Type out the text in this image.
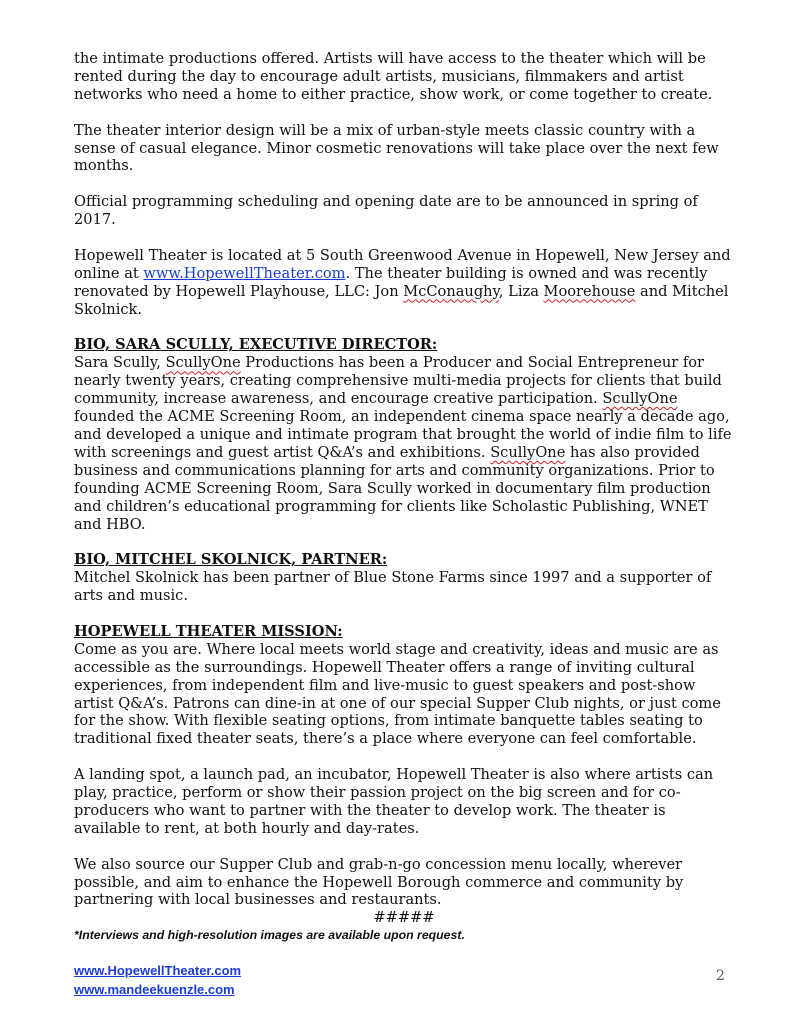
the intimate productions offered. Artists will have access to the theater which will be rented during the day to encourage adult artists, musicians, filmmakers and artist networks who need a home to either practice, show work, or come together to create.

The theater interior design will be a mix of urban-style meets classic country with a sense of casual elegance. Minor cosmetic renovations will take place over the next few months.

Official programming scheduling and opening date are to be announced in spring of 2017.

Hopewell Theater is located at 5 South Greenwood Avenue in Hopewell, New Jersey and online at www.HopewellTheater.com. The theater building is owned and was recently renovated by Hopewell Playhouse, LLC: Jon McConaughy, Liza Moorehouse and Mitchel Skolnick.

BIO, SARA SCULLY, EXECUTIVE DIRECTOR:

Sara Scully, ScullyOne Productions has been a Producer and Social Entrepreneur for nearly twenty years, creating comprehensive multi-media projects for clients that build community, increase awareness, and encourage creative participation. ScullyOne founded the ACME Screening Room, an independent cinema space nearly a decade ago, and developed a unique and intimate program that brought the world of indie film to life with screenings and guest artist Q&A’s and exhibitions. ScullyOne has also provided business and communications planning for arts and community organizations. Prior to founding ACME Screening Room, Sara Scully worked in documentary film production and children’s educational programming for clients like Scholastic Publishing, WNET and HBO.

BIO, MITCHEL SKOLNICK, PARTNER:

Mitchel Skolnick has been partner of Blue Stone Farms since 1997 and a supporter of arts and music.

HOPEWELL THEATER MISSION:

Come as you are. Where local meets world stage and creativity, ideas and music are as accessible as the surroundings. Hopewell Theater offers a range of inviting cultural experiences, from independent film and live-music to guest speakers and post-show artist Q&A’s. Patrons can dine-in at one of our special Supper Club nights, or just come for the show. With flexible seating options, from intimate banquette tables seating to traditional fixed theater seats, there’s a place where everyone can feel comfortable.

A landing spot, a launch pad, an incubator, Hopewell Theater is also where artists can play, practice, perform or show their passion project on the big screen and for co-producers who want to partner with the theater to develop work. The theater is available to rent, at both hourly and day-rates.

We also source our Supper Club and grab-n-go concession menu locally, wherever possible, and aim to enhance the Hopewell Borough commerce and community by partnering with local businesses and restaurants.

#####

*Interviews and high-resolution images are available upon request.

www.HopewellTheater.com
www.mandeekuenzle.com
2
